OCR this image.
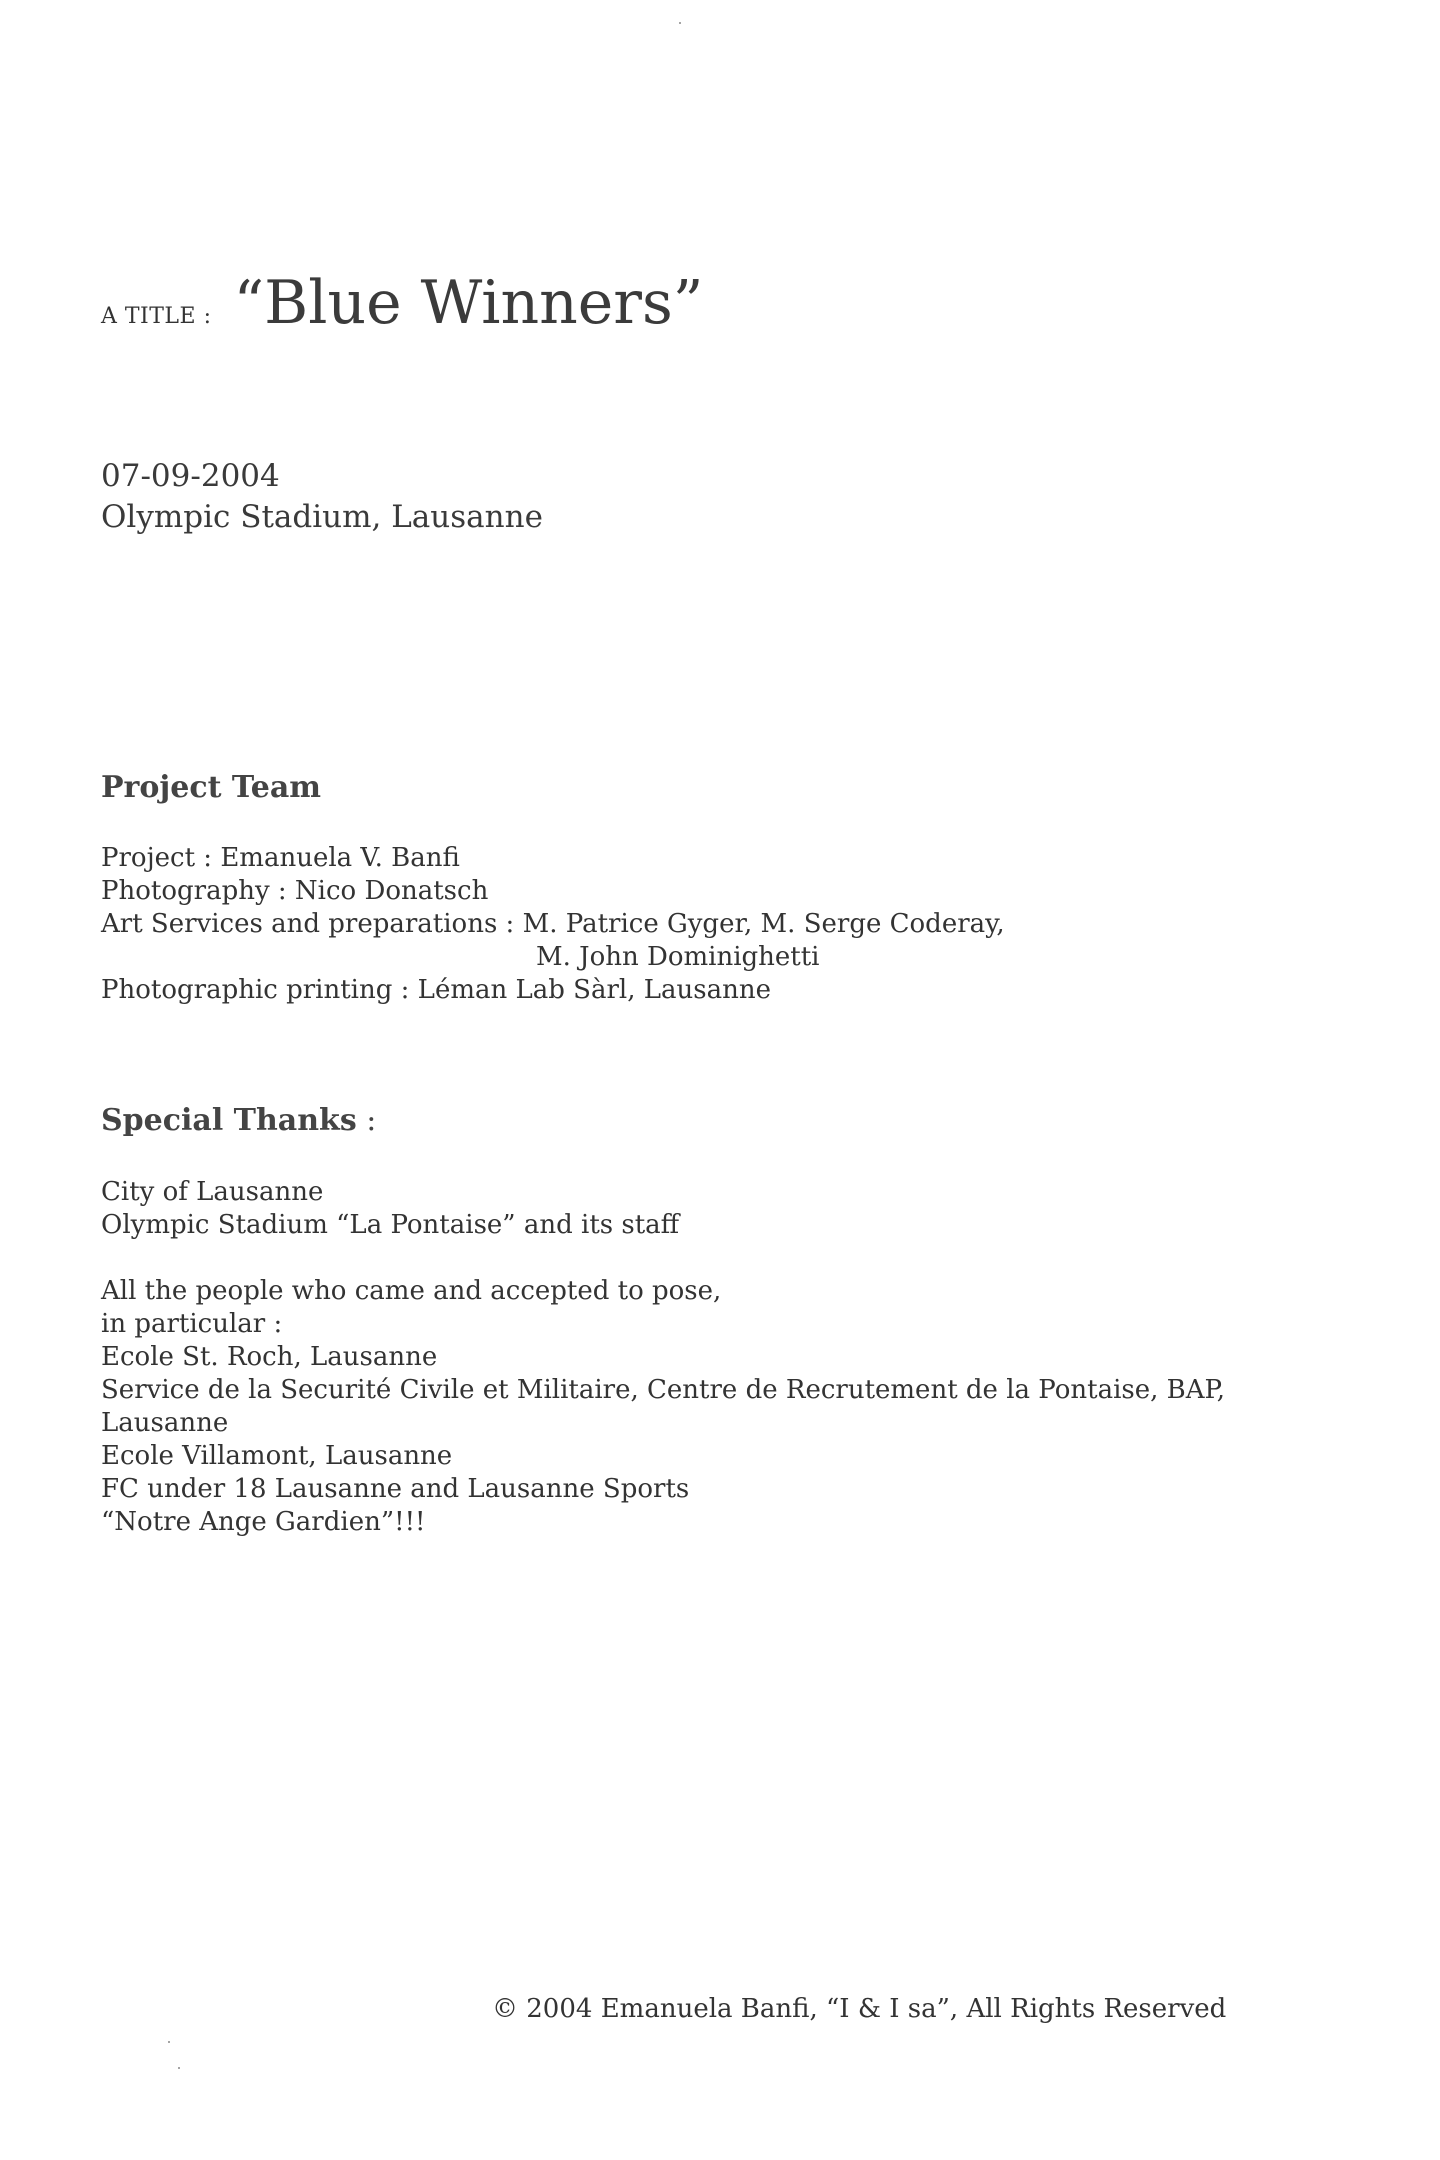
A TITLE : “Blue Winners”
07-09-2004
Olympic Stadium, Lausanne
Project Team
Project : Emanuela V. Banfi
Photography : Nico Donatsch
Art Services and preparations : M. Patrice Gyger, M. Serge Coderay,
M. John Dominighetti
Photographic printing : Léman Lab Sàrl, Lausanne
Special Thanks :
City of Lausanne
Olympic Stadium “La Pontaise” and its staff
All the people who came and accepted to pose,
in particular :
Ecole St. Roch, Lausanne
Service de la Securité Civile et Militaire, Centre de Recrutement de la Pontaise, BAP,
Lausanne
Ecole Villamont, Lausanne
FC under 18 Lausanne and Lausanne Sports
“Notre Ange Gardien”!!!
© 2004 Emanuela Banfi, “I & I sa”, All Rights Reserved
